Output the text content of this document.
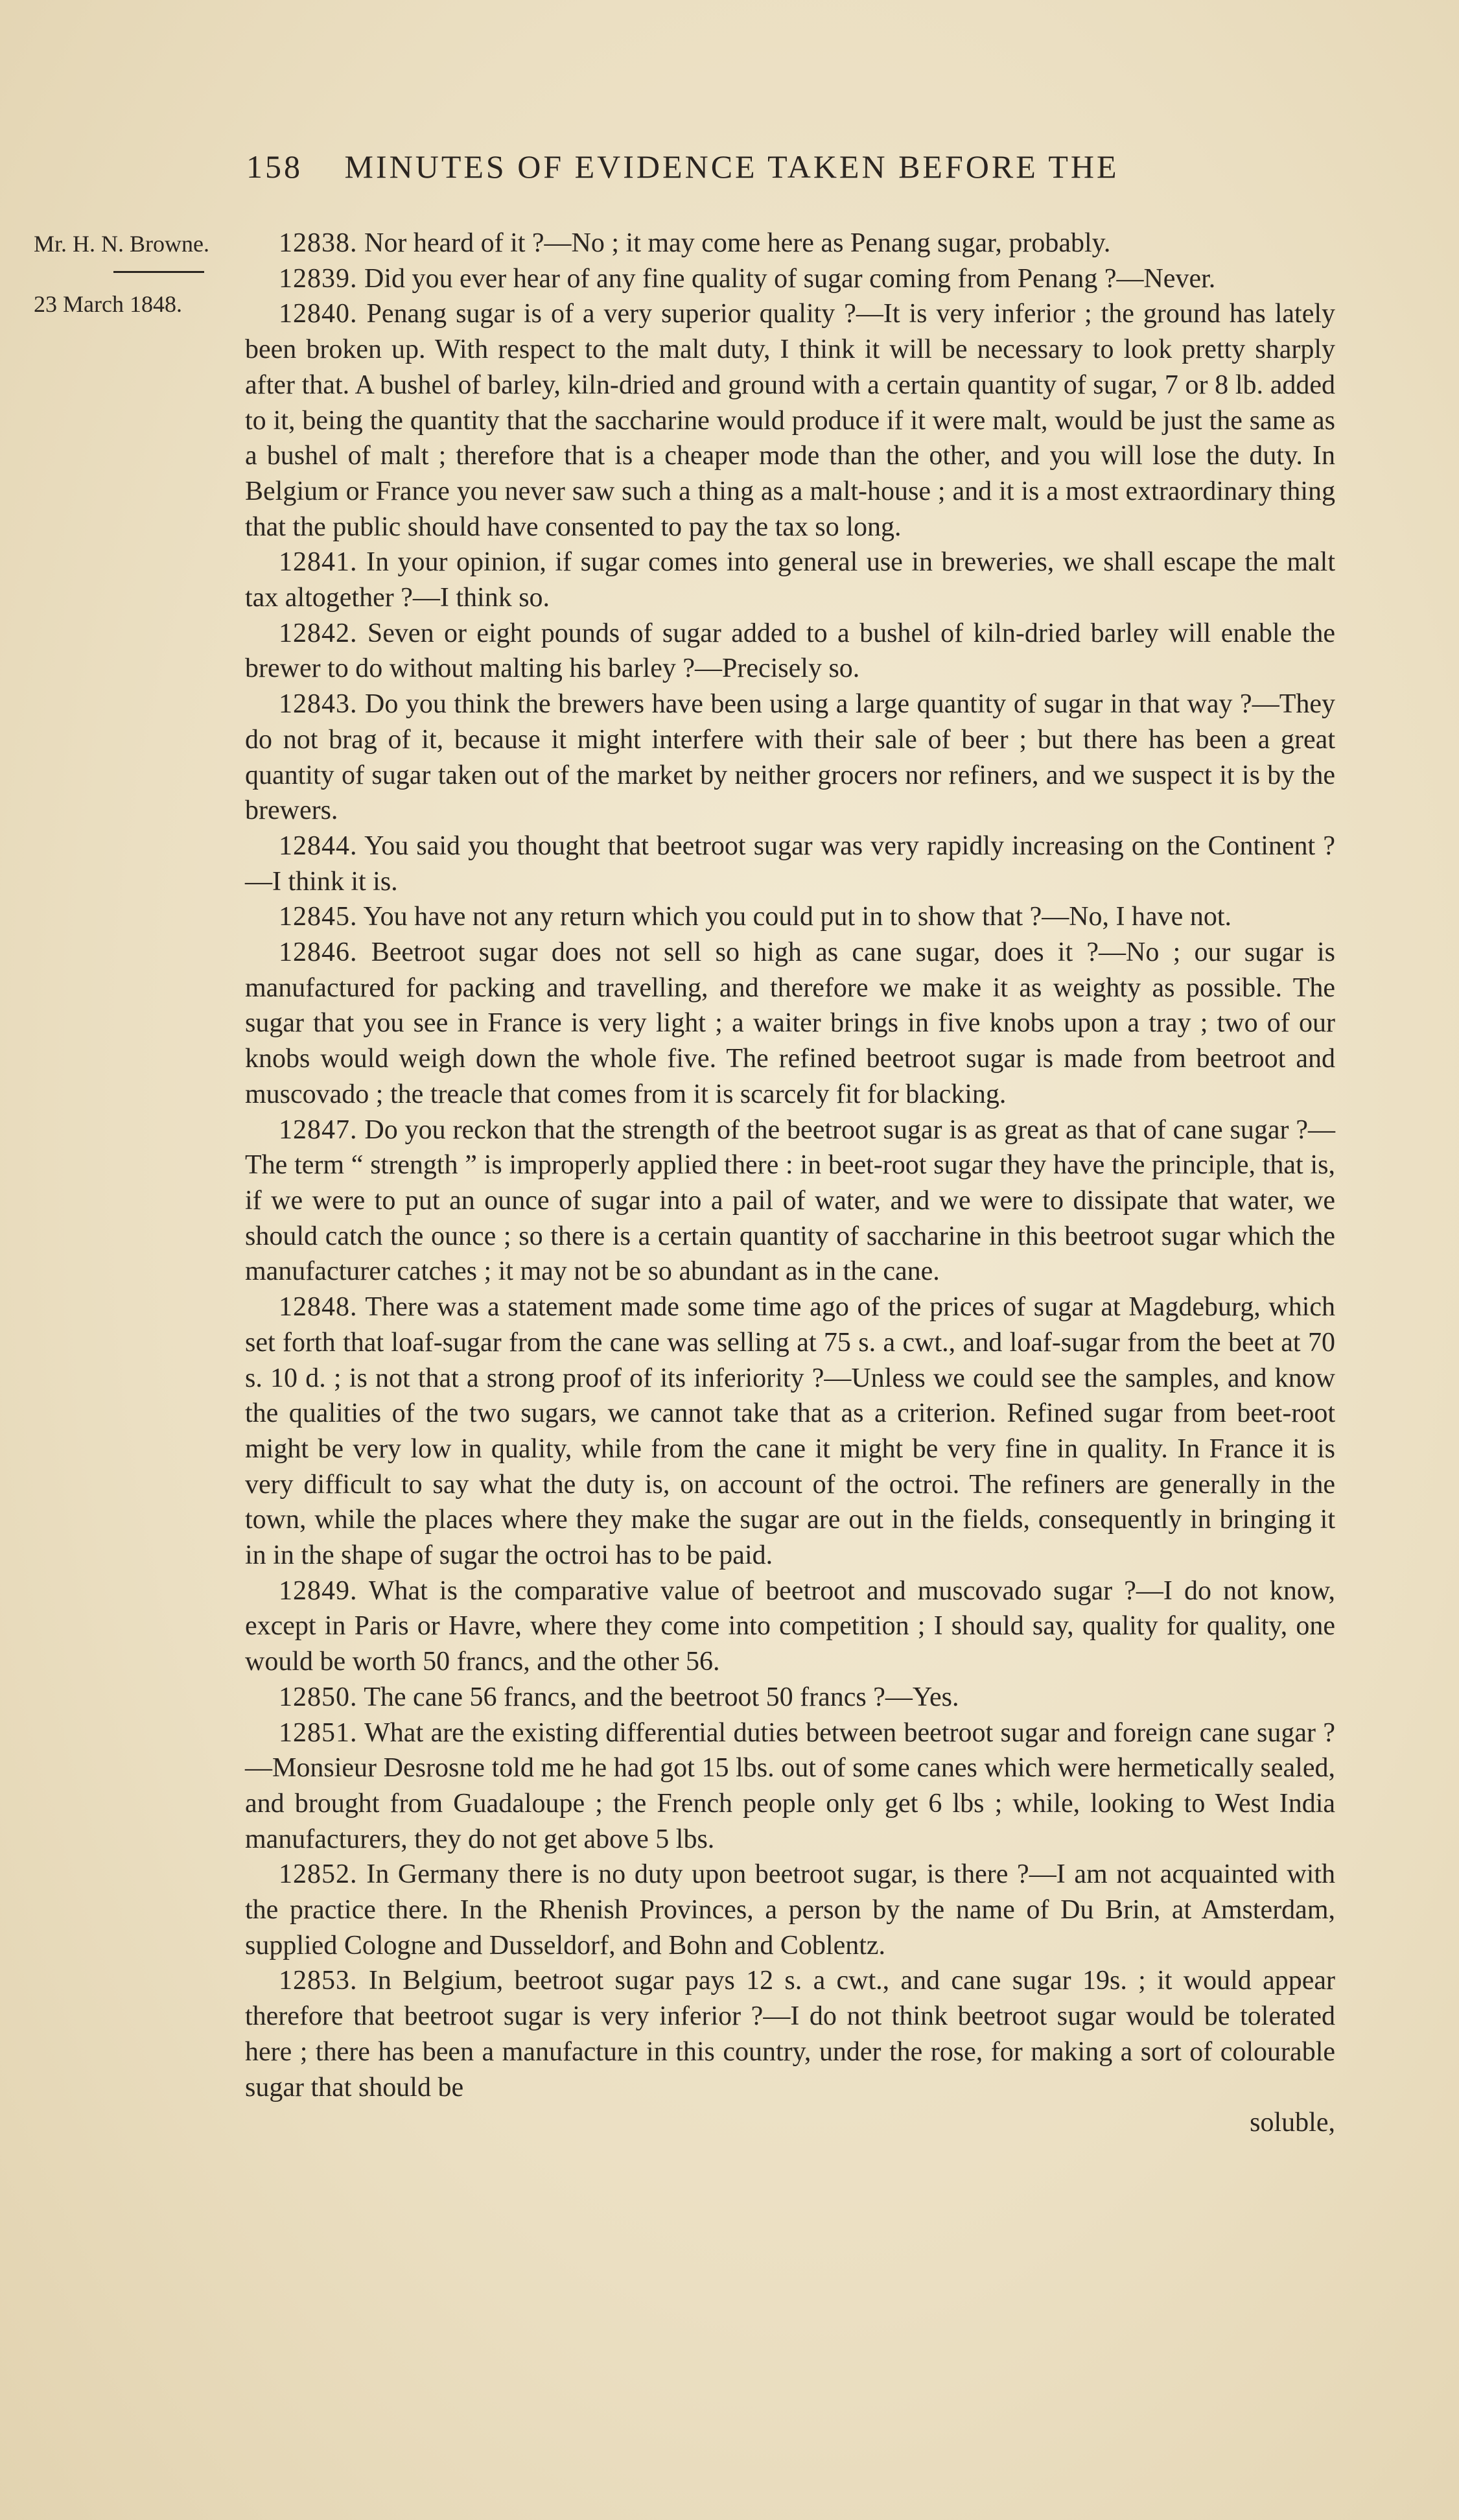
158 MINUTES OF EVIDENCE TAKEN BEFORE THE
Mr. H. N. Browne.
23 March 1848.

12838. Nor heard of it ?—No ; it may come here as Penang sugar, probably.

12839. Did you ever hear of any fine quality of sugar coming from Penang ?—Never.

12840. Penang sugar is of a very superior quality ?—It is very inferior ; the ground has lately been broken up. With respect to the malt duty, I think it will be necessary to look pretty sharply after that. A bushel of barley, kiln-dried and ground with a certain quantity of sugar, 7 or 8 lb. added to it, being the quantity that the saccharine would produce if it were malt, would be just the same as a bushel of malt ; therefore that is a cheaper mode than the other, and you will lose the duty. In Belgium or France you never saw such a thing as a malt-house ; and it is a most extraordinary thing that the public should have consented to pay the tax so long.

12841. In your opinion, if sugar comes into general use in breweries, we shall escape the malt tax altogether ?—I think so.

12842. Seven or eight pounds of sugar added to a bushel of kiln-dried barley will enable the brewer to do without malting his barley ?—Precisely so.

12843. Do you think the brewers have been using a large quantity of sugar in that way ?—They do not brag of it, because it might interfere with their sale of beer ; but there has been a great quantity of sugar taken out of the market by neither grocers nor refiners, and we suspect it is by the brewers.

12844. You said you thought that beetroot sugar was very rapidly increasing on the Continent ?—I think it is.

12845. You have not any return which you could put in to show that ?—No, I have not.

12846. Beetroot sugar does not sell so high as cane sugar, does it ?—No ; our sugar is manufactured for packing and travelling, and therefore we make it as weighty as possible. The sugar that you see in France is very light ; a waiter brings in five knobs upon a tray ; two of our knobs would weigh down the whole five. The refined beetroot sugar is made from beetroot and muscovado ; the treacle that comes from it is scarcely fit for blacking.

12847. Do you reckon that the strength of the beetroot sugar is as great as that of cane sugar ?—The term “ strength ” is improperly applied there : in beet-root sugar they have the principle, that is, if we were to put an ounce of sugar into a pail of water, and we were to dissipate that water, we should catch the ounce ; so there is a certain quantity of saccharine in this beetroot sugar which the manufacturer catches ; it may not be so abundant as in the cane.

12848. There was a statement made some time ago of the prices of sugar at Magdeburg, which set forth that loaf-sugar from the cane was selling at 75 s. a cwt., and loaf-sugar from the beet at 70 s. 10 d. ; is not that a strong proof of its inferiority ?—Unless we could see the samples, and know the qualities of the two sugars, we cannot take that as a criterion. Refined sugar from beet-root might be very low in quality, while from the cane it might be very fine in quality. In France it is very difficult to say what the duty is, on account of the octroi. The refiners are generally in the town, while the places where they make the sugar are out in the fields, consequently in bringing it in in the shape of sugar the octroi has to be paid.

12849. What is the comparative value of beetroot and muscovado sugar ?—I do not know, except in Paris or Havre, where they come into competition ; I should say, quality for quality, one would be worth 50 francs, and the other 56.

12850. The cane 56 francs, and the beetroot 50 francs ?—Yes.

12851. What are the existing differential duties between beetroot sugar and foreign cane sugar ?—Monsieur Desrosne told me he had got 15 lbs. out of some canes which were hermetically sealed, and brought from Guadaloupe ; the French people only get 6 lbs ; while, looking to West India manufacturers, they do not get above 5 lbs.

12852. In Germany there is no duty upon beetroot sugar, is there ?—I am not acquainted with the practice there. In the Rhenish Provinces, a person by the name of Du Brin, at Amsterdam, supplied Cologne and Dusseldorf, and Bohn and Coblentz.

12853. In Belgium, beetroot sugar pays 12 s. a cwt., and cane sugar 19s. ; it would appear therefore that beetroot sugar is very inferior ?—I do not think beetroot sugar would be tolerated here ; there has been a manufacture in this country, under the rose, for making a sort of colourable sugar that should be

soluble,
